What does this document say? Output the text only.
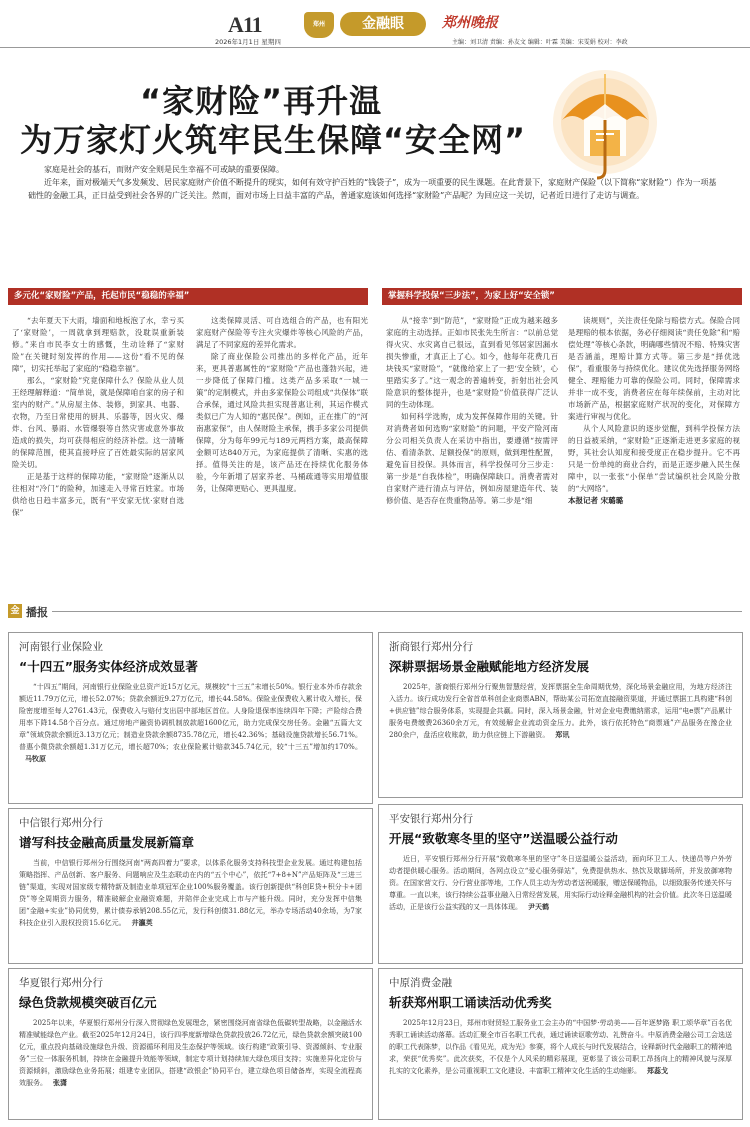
A11
2026年1月1日 星期四
郑州	金融眼	郑州晚报
主编：刘卫清 责编：孙友文 编辑：叶霖 美编：宋雯娟 校对：李政
“家财险”再升温
为万家灯火筑牢民生保障“安全网”

家庭是社会的基石，而财产安全则是民生幸福不可或缺的重要保障。

近年来，面对极端天气多发频发、居民家庭财产价值不断提升的现实，如何有效守护百姓的“钱袋子”，成为一项重要的民生课题。在此背景下，家庭财产保险（以下简称“家财险”）作为一项基础性的金融工具，正日益受到社会各界的广泛关注。然而，面对市场上日益丰富的产品，普通家庭该如何选择“家财险”产品呢？为回应这一关切，记者近日进行了走访与调查。

多元化“家财险”产品，托起市民“稳稳的幸福”	掌握科学投保“三步法”，为家上好“安全锁”

“去年夏天下大雨，墙面和地板泡了水，幸亏买了‘家财险’，一周就拿到理赔款，没耽误重新装修。”来自市民李女士的感慨，生动诠释了“家财险”在关键时刻发挥的作用——这份“看不见的保障”，切实托举起了家庭的“稳稳幸福”。

那么，“家财险”究竟保障什么？保险从业人员王经理解释道：“简单说，就是保障咱自家的房子和室内的财产。”从房屋主体、装修，到家具、电器、衣物，乃至日常使用的厨具、乐器等，因火灾、爆炸、台风、暴雨、水管爆裂等自然灾害或意外事故造成的损失，均可获得相应的经济补偿。这一清晰的保障范围，使其直接呼应了百姓最实际的居家风险关切。

正是基于这样的保障功能，“家财险”逐渐从以往相对“冷门”的险种，加速走入寻常百姓家。市场供给也日趋丰富多元，既有“平安家无忧·家财自选保”

这类保障灵活、可自选组合的产品，也有阳光家庭财产保险等专注火灾爆炸等核心风险的产品，满足了不同家庭的差异化需求。

除了商业保险公司推出的多样化产品，近年来，更具普惠属性的“家财险”产品也蓬勃兴起，进一步降低了保障门槛。这类产品多采取“一城一策”的定制模式，并由多家保险公司组成“共保体”联合承保，通过风险共担实现普惠让利，其运作模式类似已广为人知的“惠民保”。例如，正在推广的“河南惠家保”，由人保财险主承保，携手多家公司提供保障，分为每年99元与189元两档方案，最高保障金额可达840万元，为家庭提供了清晰、实惠的选择。值得关注的是，该产品还在持续优化服务体验，今年新增了居家养老、马桶疏通等实用增值服务，让保障更贴心、更具温度。

从“接幸”到“防范”，“家财险”正成为越来越多家庭的主动选择。正如市民张先生所言：“以前总觉得火灾、水灾离自己很远，直到看见邻居家因漏水损失惨重，才真正上了心。如今，他每年花费几百块钱买“家财险”，“就像给家上了一把‘安全锁’，心里踏实多了。”这一观念的普遍转变，折射出社会风险意识的整体提升，也是“家财险”价值获得广泛认同的生动体现。

如何科学选购，成为发挥保障作用的关键。针对消费者如何选购“家财险”的问题，平安产险河南分公司相关负责人在采访中指出，要遵循“按需评估、看清条款、足额投保”的原则，做到理性配置，避免盲目投保。具体而言，科学投保可分三步走：第一步是“自我体检”，明确保障缺口。消费者需对自家财产进行清点与评估，例如房屋建造年代、装修价值、是否存在贵重物品等。第二步是“细

读规则”，关注责任免除与赔偿方式。保险合同是理赔的根本依据，务必仔细阅读“责任免除”和“赔偿处理”等核心条款，明确哪些情况不赔、特殊灾害是否涵盖，理赔计算方式等。第三步是“择优选保”，看重服务与持续优化。建议优先选择服务网络健全、理赔能力可靠的保险公司。同时，保障需求并非一成不变，消费者应在每年续保前，主动对比市场新产品，根据家庭财产状况的变化，对保障方案进行审视与优化。

从个人风险意识的逐步觉醒，到科学投保方法的日益被采纳，“家财险”正逐渐走进更多家庭的视野，其社会认知度和接受度正在稳步提升。它不再只是一份单纯的商业合约，而是正逐步融入民生保障中，以一张张“小保单”尝试编织社会风险分散的“大网络”。

本报记者 宋璐璐
金 播报
河南银行业保险业
“十四五”服务实体经济成效显著
“十四五”期间，河南银行业保险业总资产近15万亿元，规模较“十三五”末增长50%。银行业本外币存款余额近11.79万亿元，增长52.07%；贷款余额近9.27万亿元，增长44.58%。保险业保费收入累计收入增长，保险密度增至每人2761.43元，保费收入与赔付支出居中部地区首位。人身险退保率连续四年下降；产险综合费用率下降14.58个百分点。通过房地产融资协调机制放款超1600亿元，助力完成保交房任务。金融“五篇大文章”领域贷款余额近3.13万亿元；制造业贷款余额8735.78亿元，增长42.36%；基础设施贷款增长56.71%。普惠小微贷款余额超1.31万亿元，增长超70%；农业保险累计赔款345.74亿元，较“十三五”增加约170%。马牧原
浙商银行郑州分行
深耕票据场景金融赋能地方经济发展
2025年，浙商银行郑州分行聚焦智慧经营，发挥票据全生命周期优势，深化场景金融应用，为地方经济注入活力。该行成功发行全省首单科创企业商票ABN，帮助某公司拓宽直接融资渠道，并通过票据工具构建“科创+供应链”综合服务体系，实现提企共赢。同时，深入场景金融，针对企业电费缴纳需求，运用“电e票”产品累计服务电费缴费26360余万元，有效缓解企业流动资金压力。此外，该行依托特色“商票通”产品服务在豫企业280余户，盘活应收账款，助力供应链上下游融资。 郑讯
中信银行郑州分行
谱写科技金融高质量发展新篇章
当前，中信银行郑州分行围绕河南“两高四着力”要求，以体系化服务支持科技型企业发展。通过构建包括策略指挥、产品创新、客户服务、问题响应及生态联动在内的“五个中心”，依托“7+8+N”产品矩阵及“三进三链”渠道，实现对国家级专精特新及制造业单项冠军企业100%服务覆盖。该行创新提供“科创E贷+积分卡+团贷”等全周期资力服务，精准破解企业融资难题，并陪伴企业完成上市与产能升级。同时，充分发挥中信集团“金融+实业”协同优势，累计债券承销208.55亿元，发行科创债31.88亿元，举办专场活动40余场，为7家科技企业引入股权投资15.6亿元。 井瀛英
平安银行郑州分行
开展“致敬寒冬里的坚守”送温暖公益行动
近日，平安银行郑州分行开展“致敬寒冬里的坚守”冬日送温暖公益活动，面向环卫工人、快递员等户外劳动者提供暖心服务。活动期间，各网点设立“爱心服务驿站”，免费提供热水、热饮及歇脚场所，并发放御寒物资。在国家营文行、分行营业部等地，工作人员主动为劳动者送祝暖服，赠送保暖物品，以细致服务传递关怀与尊重。一直以来，该行持续公益事业融入日常经营发展，用实际行动诠释金融机构的社会价值。此次冬日送温暖活动，正是该行公益实践的又一具体体现。 尹天鹤
华夏银行郑州分行
绿色贷款规模突破百亿元
2025年以来，华夏银行郑州分行深入贯彻绿色发展理念，紧密围绕河南省绿色低碳转型战略，以金融活水精准赋能绿色产业。截至2025年12月24日，该行四季度新增绿色贷款投放26.72亿元，绿色贷款余额突破100亿元，重点投向基础设施绿色升级、资源循环利用及生态保护等领域。该行构建“政策引导、资源倾斜、专业服务”三位一体服务机制，持续在金融提升效能等领域，制定专项计划持续加大绿色项目支持；实施差异化定价与资源倾斜，激励绿色业务拓展；组建专业团队，搭建“政银企”协同平台，建立绿色项目储备库，实现全流程高效服务。 张潇
中原消费金融
斩获郑州职工诵读活动优秀奖
2025年12月23日，郑州市财贸轻工服务业工会主办的“中国梦·劳动美——百年逐梦路 职工颂华章”百名优秀职工诵读活动落幕。活动汇聚全市百名职工代表，通过诵读讴歌劳动、礼赞奋斗。中原消费金融公司工会选送的职工代表陈梦，以作品《看见光，成为光》参赛，将个人成长与时代发展结合，诠释新时代金融职工的精神追求，荣获“优秀奖”。此次获奖，不仅是个人风采的精彩展现，更彰显了该公司职工昂扬向上的精神风貌与深厚扎实的文化素养，是公司重视职工文化建设、丰富职工精神文化生活的生动缩影。 郑蕊戈
